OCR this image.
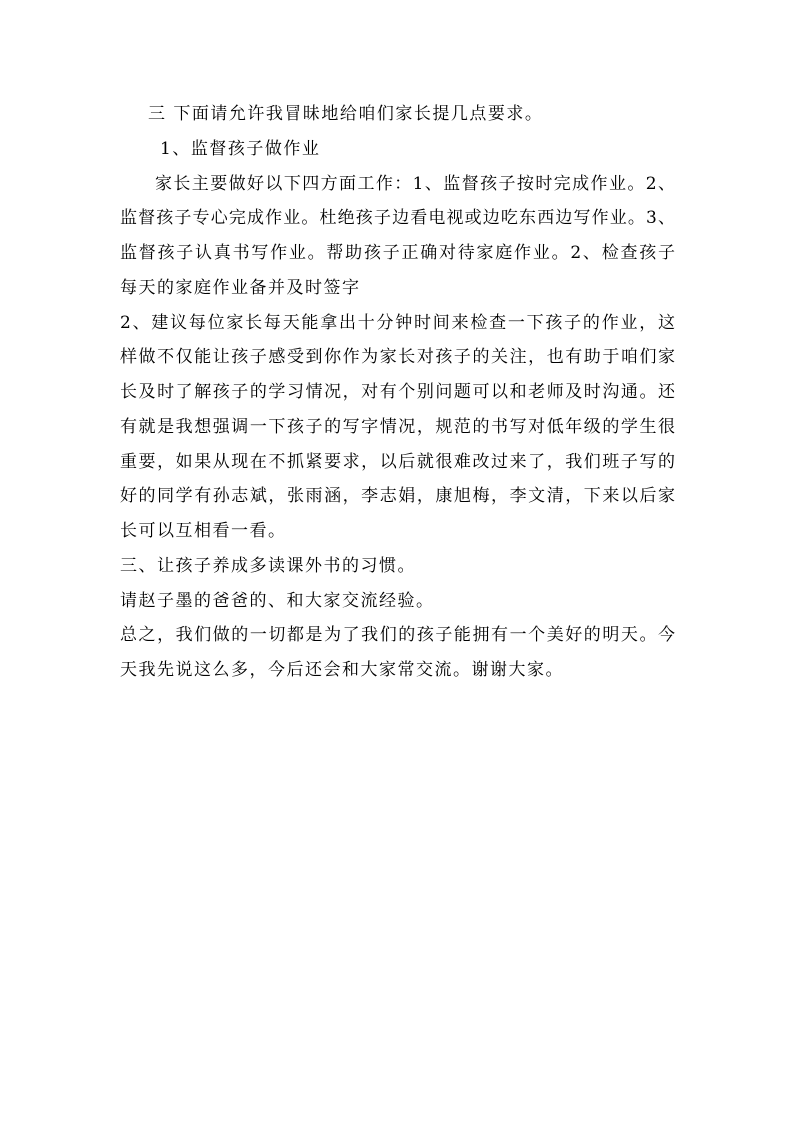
三 下面请允许我冒昧地给咱们家长提几点要求。
1、监督孩子做作业
家长主要做好以下四方面工作：1、监督孩子按时完成作业。2、
监督孩子专心完成作业。杜绝孩子边看电视或边吃东西边写作业。3、
监督孩子认真书写作业。帮助孩子正确对待家庭作业。2、检查孩子
每天的家庭作业备并及时签字
2、建议每位家长每天能拿出十分钟时间来检查一下孩子的作业，这
样做不仅能让孩子感受到你作为家长对孩子的关注，也有助于咱们家
长及时了解孩子的学习情况，对有个别问题可以和老师及时沟通。还
有就是我想强调一下孩子的写字情况，规范的书写对低年级的学生很
重要，如果从现在不抓紧要求，以后就很难改过来了，我们班子写的
好的同学有孙志斌，张雨涵，李志娟，康旭梅，李文清，下来以后家
长可以互相看一看。
三、让孩子养成多读课外书的习惯。
请赵子墨的爸爸的、和大家交流经验。
总之，我们做的一切都是为了我们的孩子能拥有一个美好的明天。今
天我先说这么多，今后还会和大家常交流。谢谢大家。
